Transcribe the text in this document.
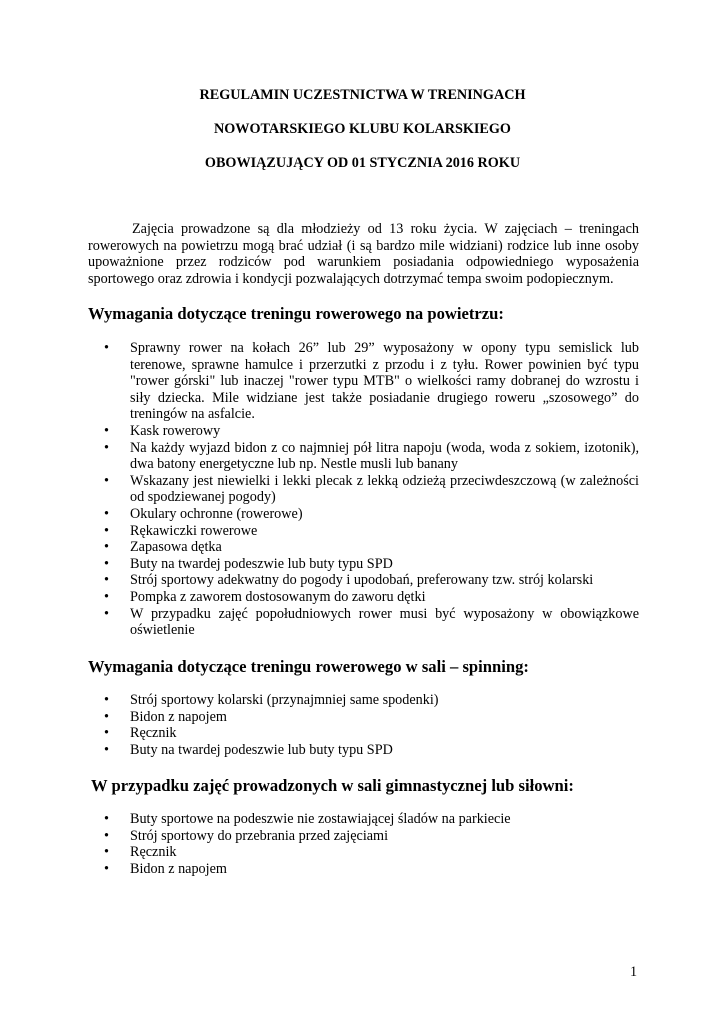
REGULAMIN UCZESTNICTWA W TRENINGACH
NOWOTARSKIEGO KLUBU KOLARSKIEGO
OBOWIĄZUJĄCY OD 01 STYCZNIA 2016 ROKU

Zajęcia prowadzone są dla młodzieży od 13 roku życia. W zajęciach – treningach rowerowych na powietrzu mogą brać udział (i są bardzo mile widziani) rodzice lub inne osoby upoważnione przez rodziców pod warunkiem posiadania odpowiedniego wyposażenia sportowego oraz zdrowia i kondycji pozwalających dotrzymać tempa swoim podopiecznym.

Wymagania dotyczące treningu rowerowego na powietrzu:
• Sprawny rower na kołach 26” lub 29” wyposażony w opony typu semislick lub terenowe, sprawne hamulce i przerzutki z przodu i z tyłu. Rower powinien być typu "rower górski" lub inaczej "rower typu MTB" o wielkości ramy dobranej do wzrostu i siły dziecka. Mile widziane jest także posiadanie drugiego roweru „szosowego” do treningów na asfalcie.
• Kask rowerowy
• Na każdy wyjazd bidon z co najmniej pół litra napoju (woda, woda z sokiem, izotonik), dwa batony energetyczne lub np. Nestle musli lub banany
• Wskazany jest niewielki i lekki plecak z lekką odzieżą przeciwdeszczową (w zależności od spodziewanej pogody)
• Okulary ochronne (rowerowe)
• Rękawiczki rowerowe
• Zapasowa dętka
• Buty na twardej podeszwie lub buty typu SPD
• Strój sportowy adekwatny do pogody i upodobań, preferowany tzw. strój kolarski
• Pompka z zaworem dostosowanym do zaworu dętki
• W przypadku zajęć popołudniowych rower musi być wyposażony w obowiązkowe oświetlenie
Wymagania dotyczące treningu rowerowego w sali – spinning:
• Strój sportowy kolarski (przynajmniej same spodenki)
• Bidon z napojem
• Ręcznik
• Buty na twardej podeszwie lub buty typu SPD
W przypadku zajęć prowadzonych w sali gimnastycznej lub siłowni:
• Buty sportowe na podeszwie nie zostawiającej śladów na parkiecie
• Strój sportowy do przebrania przed zajęciami
• Ręcznik
• Bidon z napojem

1
